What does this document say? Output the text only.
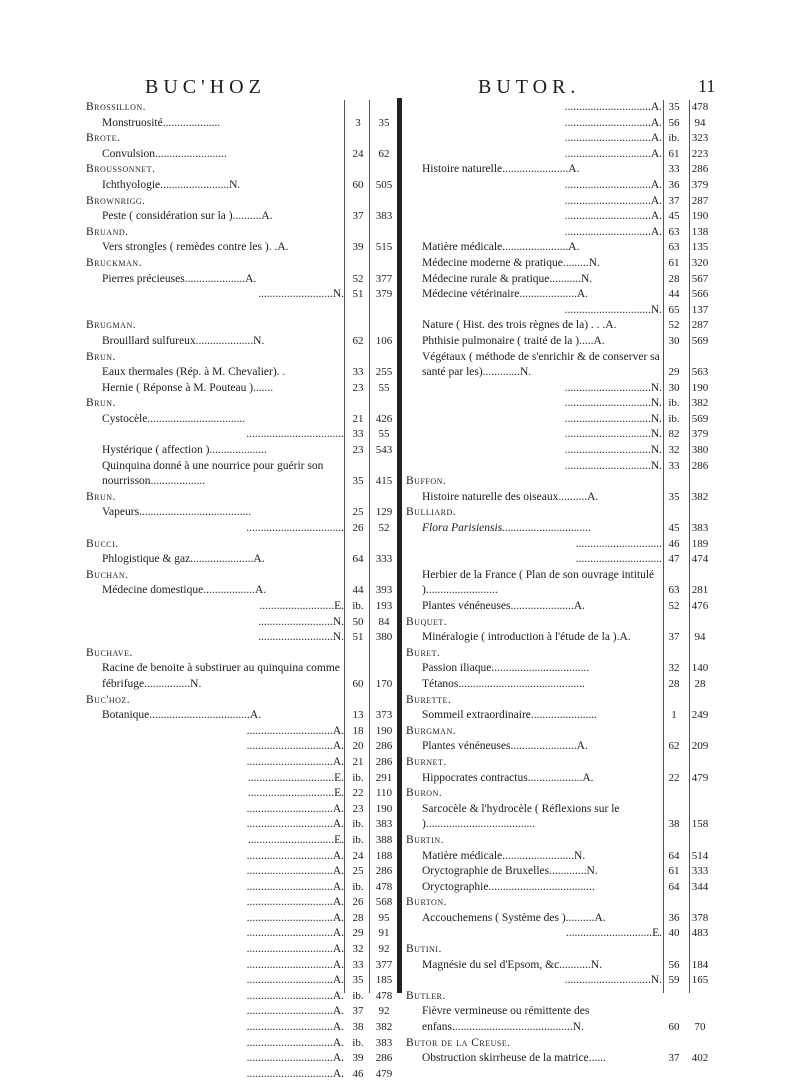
BUC'HOZ	BUTOR.	11
Brossillon.
Monstruosité....................	3	35
Brote.
Convulsion.........................	24	62
Broussonnet.
Ichthyologie........................N.	60	505
Brownrigg.
Peste ( considération sur la )..........A.	37	383
Bruand.
Vers strongles ( remèdes contre les ). .A.	39	515
Bruckman.
Pierres précieuses.....................A.	52	377
..........................N. 51	379
Brugman.
Brouillard sulfureux....................N.	62	106
Brun.
Eaux thermales (Rép. à M. Chevalier). .	33	255
Hernie ( Réponse à M. Pouteau ).......	23	55
Brun.
Cystocèle..................................	21	426
.................................. 33	55
Hystérique ( affection )....................	23	543
Quinquina donné à une nourrice pour guérir son nourrisson...................	35	415
Brun.
Vapeurs.......................................	25	129
.................................. 26	52
Bucci.
Phlogistique & gaz......................A.	64	333
Buchan.
Médecine domestique..................A.	44	393
..........................E. ib.	193
..........................N. 50	84
..........................N. 51	380
Buchave.
Racine de benoite à substiruer au quinquina comme fébrifuge................N.	60	170
Buc'hoz.
Botanique...................................A.	13	373
..............................A. 18	190
..............................A. 20	286
..............................A. 21	286
..............................E. ib.	291
..............................E. 22	110
..............................A. 23	190
..............................A. ib.	383
..............................E. ib.	388
..............................A. 24	188
..............................A. 25	286
..............................A. ib.	478
..............................A. 26	568
..............................A. 28	95
..............................A. 29	91
..............................A. 32	92
..............................A. 33	377
..............................A. 35	185
..............................A. ib.	478
..............................A. 37	92
..............................A. 38	382
..............................A. ib.	383
..............................A. 39	286
..............................A. 46	479
..............................A. 35	478
..............................A. 56	94
..............................A. ib.	323
..............................A. 61	223
Histoire naturelle.......................A.	33	286
..............................A. 36	379
..............................A. 37	287
..............................A. 45	190
..............................A. 63	138
Matière médicale.......................A.	63	135
Médecine moderne & pratique.........N.	61	320
Médecine rurale & pratique...........N.	28	567
Médecine vétérinaire....................A.	44	566
..............................N. 65	137
Nature ( Hist. des trois règnes de la) . . .A.	52	287
Phthisie pulmonaire ( traité de la ).....A.	30	569
Végétaux ( méthode de s'enrichir & de conserver sa santé par les).............N.	29	563
..............................N. 30	190
..............................N. ib.	382
..............................N. ib.	569
..............................N. 82	379
..............................N. 32	380
..............................N. 33	286
Buffon.
Histoire naturelle des oiseaux..........A.	35	382
Bulliard.
Flora Parisiensis...............................	45	383
.............................. 46	189
.............................. 47	474
Herbier de la France ( Plan de son ouvrage intitulé ).........................	63	281
Plantes vénéneuses......................A.	52	476
Buquet.
Minéralogie ( introduction à l'étude de la ).A.	37	94
Buret.
Passion iliaque..................................	32	140
Tétanos............................................	28	28
Burette.
Sommeil extraordinaire.......................	1	249
Burgman.
Plantes vénéneuses.......................A.	62	209
Burnet.
Hippocrates contractus...................A.	22	479
Buron.
Sarcocèle & l'hydrocèle ( Réflexions sur le )......................................	38	158
Burtin.
Matière médicale.........................N.	64	514
Oryctographie de Bruxelles.............N.	61	333
Oryctographie.....................................	64	344
Burton.
Accouchemens ( Système des )..........A.	36	378
..............................E. 40	483
Butini.
Magnésie du sel d'Epsom, &c...........N.	56	184
..............................N. 59	165
Butler.
Fièvre vermineuse ou rémittente des enfans..........................................N.	60	70
Butor de la Creuse.
Obstruction skirrheuse de la matrice......	37	402
